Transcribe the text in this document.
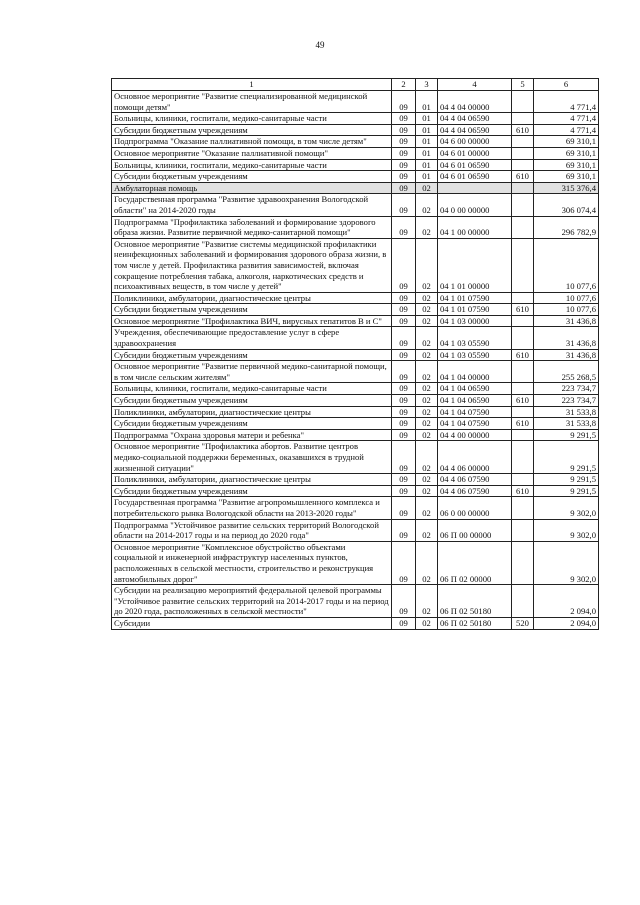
49
1	2	3	4	5	6
Основное мероприятие "Развитие специализированной медицинской помощи детям"	09	01	04 4 04 00000		4 771,4
Больницы, клиники, госпитали, медико-санитарные части	09	01	04 4 04 06590		4 771,4
Субсидии бюджетным учреждениям	09	01	04 4 04 06590	610	4 771,4
Подпрограмма "Оказание паллиативной помощи, в том числе детям"	09	01	04 6 00 00000		69 310,1
Основное мероприятие "Оказание паллиативной помощи"	09	01	04 6 01 00000		69 310,1
Больницы, клиники, госпитали, медико-санитарные части	09	01	04 6 01 06590		69 310,1
Субсидии бюджетным учреждениям	09	01	04 6 01 06590	610	69 310,1
Амбулаторная помощь	09	02			315 376,4
Государственная программа "Развитие здравоохранения Вологодской области" на 2014-2020 годы	09	02	04 0 00 00000		306 074,4
Подпрограмма "Профилактика заболеваний и формирование здорового образа жизни. Развитие первичной медико-санитарной помощи"	09	02	04 1 00 00000		296 782,9
Основное мероприятие "Развитие системы медицинской профилактики неинфекционных заболеваний и формирования здорового образа жизни, в том числе у детей. Профилактика развития зависимостей, включая сокращение потребления табака, алкоголя, наркотических средств и психоактивных веществ, в том числе у детей"	09	02	04 1 01 00000		10 077,6
Поликлиники, амбулатории, диагностические центры	09	02	04 1 01 07590		10 077,6
Субсидии бюджетным учреждениям	09	02	04 1 01 07590	610	10 077,6
Основное мероприятие "Профилактика ВИЧ, вирусных гепатитов В и С"	09	02	04 1 03 00000		31 436,8
Учреждения, обеспечивающие предоставление услуг в сфере здравоохранения	09	02	04 1 03 05590		31 436,8
Субсидии бюджетным учреждениям	09	02	04 1 03 05590	610	31 436,8
Основное мероприятие "Развитие первичной медико-санитарной помощи, в том числе сельским жителям"	09	02	04 1 04 00000		255 268,5
Больницы, клиники, госпитали, медико-санитарные части	09	02	04 1 04 06590		223 734,7
Субсидии бюджетным учреждениям	09	02	04 1 04 06590	610	223 734,7
Поликлиники, амбулатории, диагностические центры	09	02	04 1 04 07590		31 533,8
Субсидии бюджетным учреждениям	09	02	04 1 04 07590	610	31 533,8
Подпрограмма "Охрана здоровья матери и ребенка"	09	02	04 4 00 00000		9 291,5
Основное мероприятие "Профилактика абортов. Развитие центров медико-социальной поддержки беременных, оказавшихся в трудной жизненной ситуации"	09	02	04 4 06 00000		9 291,5
Поликлиники, амбулатории, диагностические центры	09	02	04 4 06 07590		9 291,5
Субсидии бюджетным учреждениям	09	02	04 4 06 07590	610	9 291,5
Государственная программа "Развитие агропромышленного комплекса и потребительского рынка Вологодской области на 2013-2020 годы"	09	02	06 0 00 00000		9 302,0
Подпрограмма "Устойчивое развитие сельских территорий Вологодской области на 2014-2017 годы и на период до 2020 года"	09	02	06 П 00 00000		9 302,0
Основное мероприятие "Комплексное обустройство объектами социальной и инженерной инфраструктур населенных пунктов, расположенных в сельской местности, строительство и реконструкция автомобильных дорог"	09	02	06 П 02 00000		9 302,0
Субсидии на реализацию мероприятий федеральной целевой программы "Устойчивое развитие сельских территорий на 2014-2017 годы и на период до 2020 года, расположенных в сельской местности"	09	02	06 П 02 50180		2 094,0
Субсидии	09	02	06 П 02 50180	520	2 094,0
